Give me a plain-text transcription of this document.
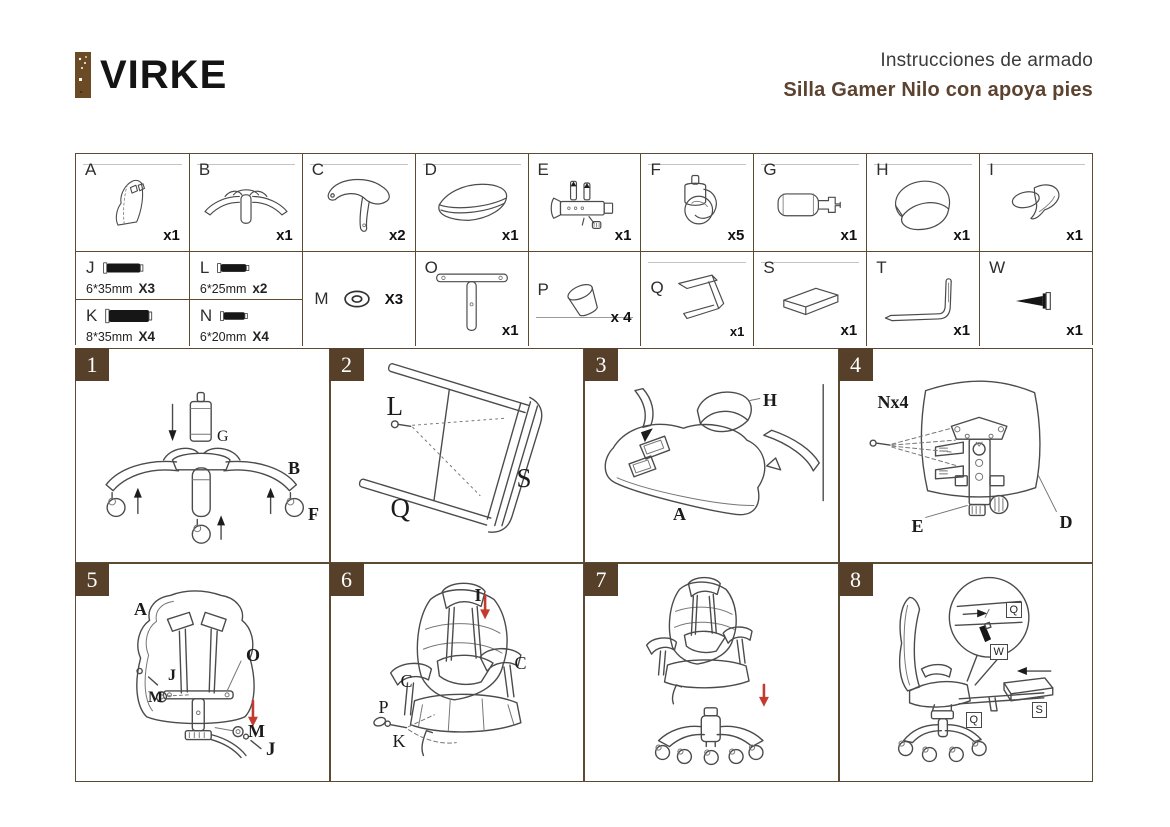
VIRKE	Instrucciones de armado
Silla Gamer Nilo con apoya pies
A
x1
B
x1
C
x2
D
x1
E
x1
F
x5
G
x1
H
x1
I
x1
J
6*35mm X3
K
8*35mm X4
L
6*25mm x2
N
6*20mm X4
M	X3
O
x1
P
x 4
Q
x1
S
x1
T
x1
W
x1
1
G
B
F
2
L
S
Q
3
H
A
4
Nx4
E	D
5
A
O
J
M
M
J
6
I
C
C
P
K
7	8
Q
W
S
Q
